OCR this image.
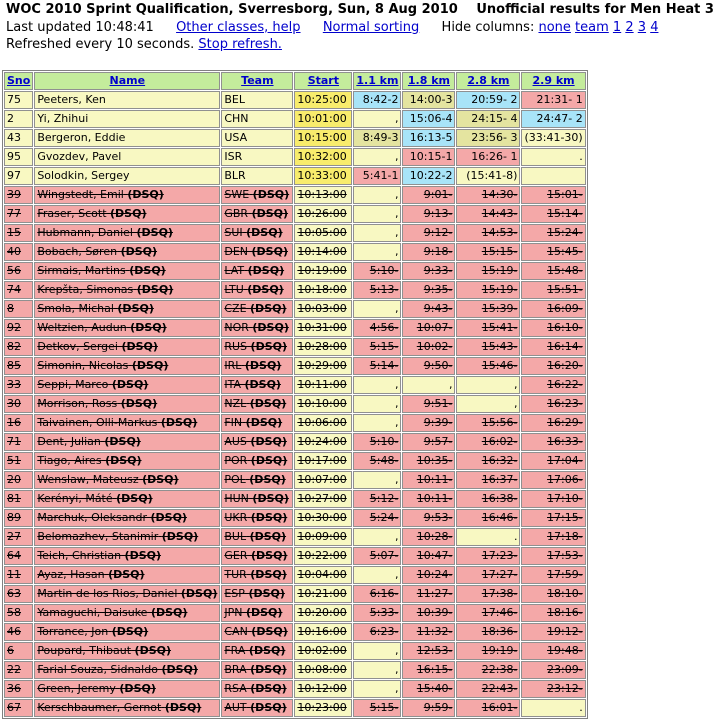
WOC 2010 Sprint Qualification, Sverresborg, Sun, 8 Aug 2010 Unofficial results for Men Heat 3
Last updated 10:48:41 Other classes, help Normal sorting Hide columns: none team 1 2 3 4
Refreshed every 10 seconds. Stop refresh.
Sno	Name	Team	Start	1.1 km	1.8 km	2.8 km	2.9 km
75	Peeters, Ken	BEL	10:25:00	8:42-2	14:00-3	20:59- 2	21:31- 1
2	Yi, Zhihui	CHN	10:01:00	,	15:06-4	24:15- 4	24:47- 2
43	Bergeron, Eddie	USA	10:15:00	8:49-3	16:13-5	23:56- 3	(33:41-30)
95	Gvozdev, Pavel	ISR	10:32:00	,	10:15-1	16:26- 1	.
97	Solodkin, Sergey	BLR	10:33:00	5:41-1	10:22-2	(15:41-8)	
39	Wingstedt, Emil (DSQ)	SWE (DSQ)	10:13:00	,	9:01-	14:30-	15:01-
77	Fraser, Scott (DSQ)	GBR (DSQ)	10:26:00	,	9:13-	14:43-	15:14-
15	Hubmann, Daniel (DSQ)	SUI (DSQ)	10:05:00	,	9:12-	14:53-	15:24-
40	Bobach, Søren (DSQ)	DEN (DSQ)	10:14:00	,	9:18-	15:15-	15:45-
56	Sirmais, Martins (DSQ)	LAT (DSQ)	10:19:00	5:10-	9:33-	15:19-	15:48-
74	Krepšta, Simonas (DSQ)	LTU (DSQ)	10:18:00	5:13-	9:35-	15:19-	15:51-
8	Smola, Michal (DSQ)	CZE (DSQ)	10:03:00	,	9:43-	15:39-	16:09-
92	Weltzien, Audun (DSQ)	NOR (DSQ)	10:31:00	4:56-	10:07-	15:41-	16:10-
82	Detkov, Sergei (DSQ)	RUS (DSQ)	10:28:00	5:15-	10:02-	15:43-	16:14-
85	Simonin, Nicolas (DSQ)	IRL (DSQ)	10:29:00	5:14-	9:50-	15:46-	16:20-
33	Seppi, Marco (DSQ)	ITA (DSQ)	10:11:00	,	,	,	16:22-
30	Morrison, Ross (DSQ)	NZL (DSQ)	10:10:00	,	9:51-	,	16:23-
16	Taivainen, Olli-Markus (DSQ)	FIN (DSQ)	10:06:00	,	9:39-	15:56-	16:29-
71	Dent, Julian (DSQ)	AUS (DSQ)	10:24:00	5:10-	9:57-	16:02-	16:33-
51	Tiago, Aires (DSQ)	POR (DSQ)	10:17:00	5:48-	10:35-	16:32-	17:04-
20	Wenslaw, Mateusz (DSQ)	POL (DSQ)	10:07:00	,	10:11-	16:37-	17:06-
81	Kerényi, Máté (DSQ)	HUN (DSQ)	10:27:00	5:12-	10:11-	16:38-	17:10-
89	Marchuk, Oleksandr (DSQ)	UKR (DSQ)	10:30:00	5:24-	9:53-	16:46-	17:15-
27	Belomazhev, Stanimir (DSQ)	BUL (DSQ)	10:09:00	,	10:28-	.	17:18-
64	Teich, Christian (DSQ)	GER (DSQ)	10:22:00	5:07-	10:47-	17:23-	17:53-
11	Ayaz, Hasan (DSQ)	TUR (DSQ)	10:04:00	,	10:24-	17:27-	17:59-
63	Martin de los Rios, Daniel (DSQ)	ESP (DSQ)	10:21:00	6:16-	11:27-	17:38-	18:10-
58	Yamaguchi, Daisuke (DSQ)	JPN (DSQ)	10:20:00	5:33-	10:39-	17:46-	18:16-
46	Torrance, Jon (DSQ)	CAN (DSQ)	10:16:00	6:23-	11:32-	18:36-	19:12-
6	Poupard, Thibaut (DSQ)	FRA (DSQ)	10:02:00	,	12:53-	19:19-	19:48-
22	Farial Souza, Sidnaldo (DSQ)	BRA (DSQ)	10:08:00	,	16:15-	22:38-	23:09-
36	Green, Jeremy (DSQ)	RSA (DSQ)	10:12:00	,	15:40-	22:43-	23:12-
67	Kerschbaumer, Gernot (DSQ)	AUT (DSQ)	10:23:00	5:15-	9:59-	16:01-	.
